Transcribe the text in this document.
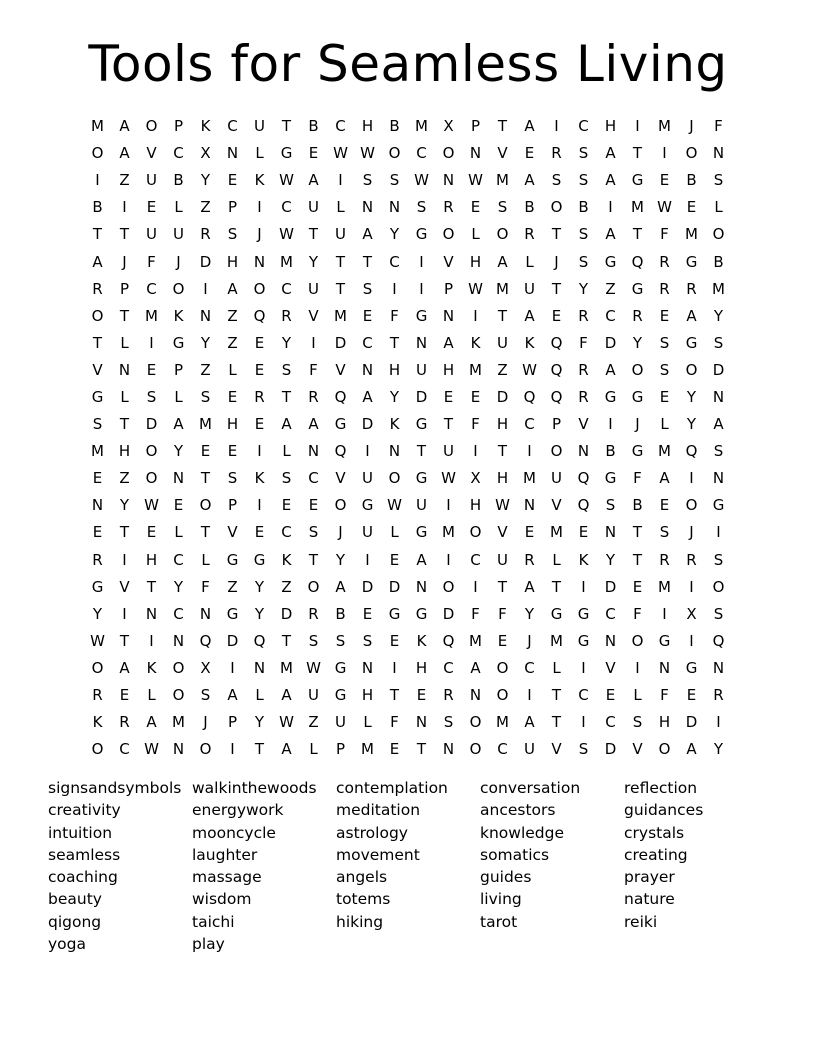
Tools for Seamless Living
M	A	O	P	K	C	U	T	B	C	H	B	M	X	P	T	A	I	C	H	I	M	J	F
O	A	V	C	X	N	L	G	E W W O	C	O	N	V	E	R	S	A	T	I	O	N
I	Z	U	B	Y	E	K W A	I	S	S W N W M	A	S	S	A	G	E	B	S
B	I	E	L	Z	P	I	C	U	L	N	N	S	R	E	S	B	O	B	I	M W E	L
T	T	U	U	R	S	J	W T	U	A	Y	G	O	L	O	R	T	S	A	T	F	M O
A	J	F	J	D	H	N M	Y	T	T	C	I	V	H	A	L	J	S	G	Q	R	G	B
R	P	C	O	I	A	O	C	U	T	S	I	I	P	W M	U	T	Y	Z	G	R	R	M
O	T	M	K	N	Z	Q	R	V	M	E	F	G	N	I	T	A	E	R	C	R	E	A	Y
T	L	I	G	Y	Z	E	Y	I	D	C	T	N	A	K	U	K	Q	F	D	Y	S	G	S
V	N	E	P	Z	L	E	S	F	V	N	H	U	H M	Z W Q	R	A	O	S	O	D
G	L	S	L	S	E	R	T	R	Q	A	Y	D	E	E	D	Q	Q	R	G	G	E	Y	N
S	T	D	A	M H	E	A	A	G	D	K	G	T	F	H	C	P	V	I	J	L	Y	A
M H	O	Y	E	E	I	L	N	Q	I	N	T	U	I	T	I	O	N	B	G M Q	S
E	Z	O	N	T	S	K	S	C	V	U	O	G W X	H M	U	Q	G	F	A	I	N
N	Y	W E	O	P	I	E	E	O	G W U	I	H W N	V	Q	S	B	E	O	G
E	T	E	L	T	V	E	C	S	J	U	L	G M O	V	E	M	E	N	T	S	J	I
R	I	H	C	L	G	G	K	T	Y	I	E	A	I	C	U	R	L	K	Y	T	R	R	S
G	V	T	Y	F	Z	Y	Z	O	A	D	D	N	O	I	T	A	T	I	D	E	M	I	O
Y	I	N	C	N	G	Y	D	R	B	E	G	G	D	F	F	Y	G	G	C	F	I	X	S
W T	I	N	Q	D	Q	T	S	S	S	E	K	Q M	E	J	M G	N	O	G	I	Q
O	A	K	O	X	I	N M W G	N	I	H	C	A	O	C	L	I	V	I	N	G	N
R	E	L	O	S	A	L	A	U	G	H	T	E	R	N	O	I	T	C	E	L	F	E	R
K	R	A	M	J	P	Y	W Z	U	L	F	N	S	O M	A	T	I	C	S	H	D	I
O	C W N	O	I	T	A	L	P	M	E	T	N	O	C	U	V	S	D	V	O	A	Y
signsandsymbols
creativity
intuition
seamless
coaching
beauty
qigong
yoga
walkinthewoods
energywork
mooncycle
laughter
massage
wisdom
taichi
play
contemplation
meditation
astrology
movement
angels
totems
hiking
conversation
ancestors
knowledge
somatics
guides
living
tarot
reflection
guidances
crystals
creating
prayer
nature
reiki
